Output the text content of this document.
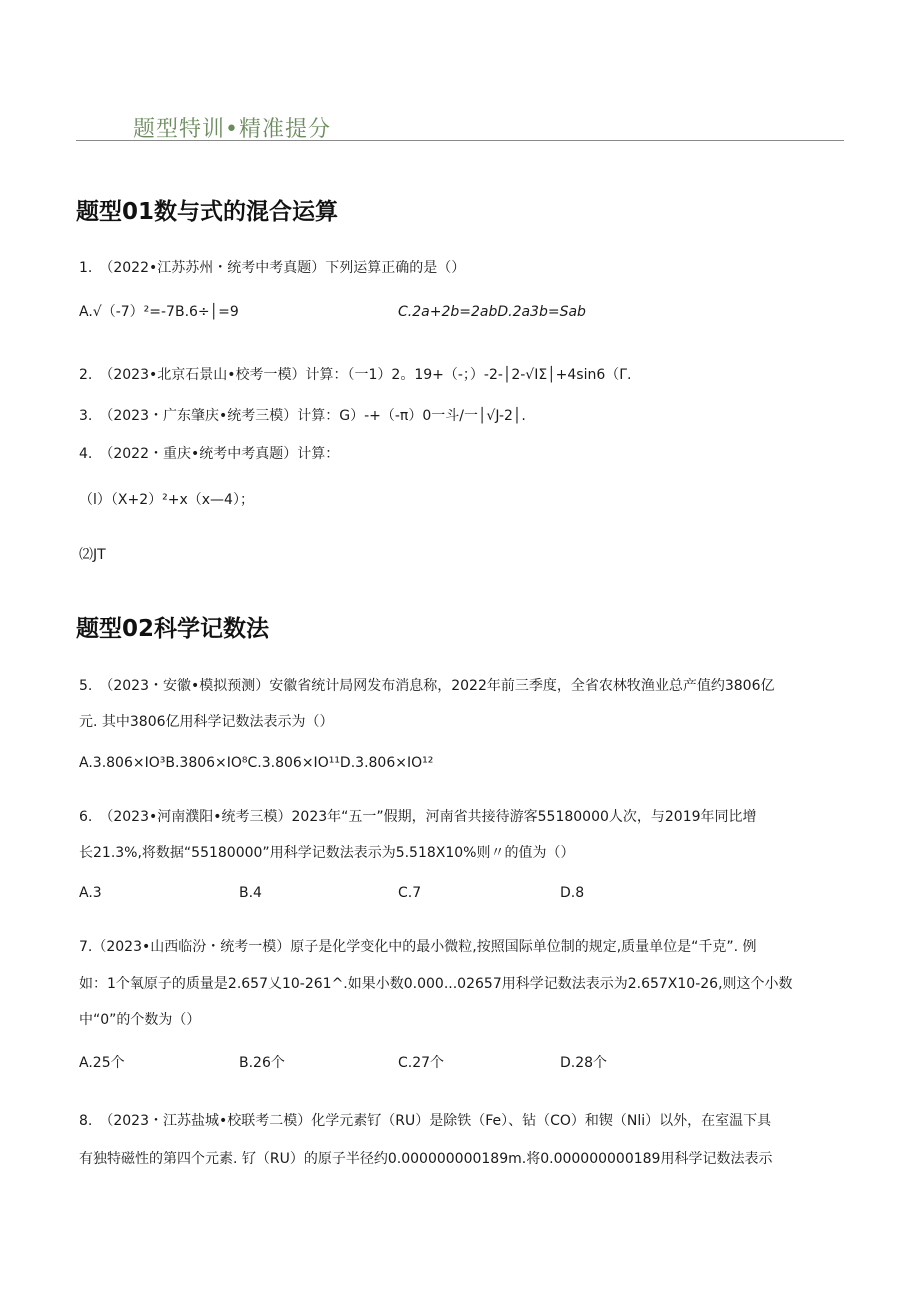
题型特训•精准提分
题型01数与式的混合运算
1.　（2022•江苏苏州・统考中考真题）下列运算正确的是（）
A.√（-7）²=-7B.6÷│=9	C.2a+2b=2abD.2a3b=Sab
2.　（2023•北京石景山•校考一模）计算：（一1）2。19+（-；）-2-│2-√IΣ│+4sin6（Γ.
3.　（2023・广东肇庆•统考三模）计算：G）-+（-π）0一斗/一│√J-2│.
4.　（2022・重庆•统考中考真题）计算：
（l）（X+2）²+x（x—4）；
⑵JT
题型02科学记数法
5.　（2023・安徽•模拟预测）安徽省统计局网发布消息称，2022年前三季度，全省农林牧渔业总产值约3806亿
元. 其中3806亿用科学记数法表示为（）
A.3.806×IO³B.3806×IO⁸C.3.806×IO¹¹D.3.806×IO¹²
6.　（2023•河南濮阳•统考三模）2023年“五一”假期，河南省共接待游客55180000人次，与2019年同比增
长21.3%,将数据“55180000”用科学记数法表示为5.518X10%则〃的值为（）
A.3	B.4	C.7	D.8
7.（2023•山西临汾・统考一模）原子是化学变化中的最小微粒,按照国际单位制的规定,质量单位是“千克”. 例
如：1个氧原子的质量是2.657乂10-261^.如果小数0.000...02657用科学记数法表示为2.657X10-26,则这个小数
中“0”的个数为（）
A.25个	B.26个	C.27个	D.28个
8.　（2023・江苏盐城•校联考二模）化学元素钌（RU）是除铁（Fe）、钻（CO）和锲（Nli）以外，在室温下具
有独特磁性的第四个元素. 钌（RU）的原子半径约0.000000000189m.将0.000000000189用科学记数法表示
